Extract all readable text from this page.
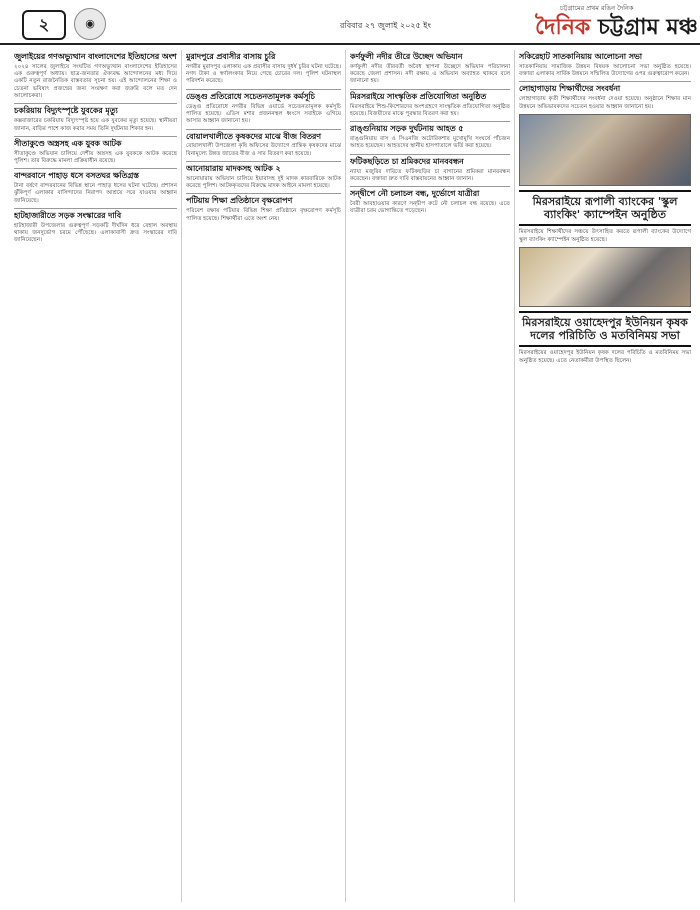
২	◉	রবিবার ২৭ জুলাই ২০২৫ ইং
চট্টগ্রামের প্রথম রঙিন দৈনিক
দৈনিক চট্টগ্রাম মঞ্চ
জুলাইয়ের গণঅভ্যুত্থান বাংলাদেশের ইতিহাসের অংশ

২০২৪ সালের জুলাইয়ে সংঘটিত গণঅভ্যুত্থান বাংলাদেশের ইতিহাসের এক গুরুত্বপূর্ণ অধ্যায়। ছাত্র-জনতার ঐক্যবদ্ধ আন্দোলনের মধ্য দিয়ে একটি নতুন রাজনৈতিক বাস্তবতার সূচনা হয়। এই আন্দোলনের শিক্ষা ও চেতনা ভবিষ্যৎ প্রজন্মের জন্য সংরক্ষণ করা জরুরি বলে মত দেন আলোচকরা।

চকরিয়ায় বিদ্যুৎস্পৃষ্টে যুবকের মৃত্যু

কক্সবাজারের চকরিয়ায় বিদ্যুৎস্পৃষ্ট হয়ে এক যুবকের মৃত্যু হয়েছে। স্থানীয়রা জানান, বাড়ির পাশে কাজ করার সময় তিনি দুর্ঘটনার শিকার হন।

সীতাকুণ্ডে অস্ত্রসহ এক যুবক আটক

সীতাকুণ্ডে অভিযান চালিয়ে দেশীয় অস্ত্রসহ এক যুবককে আটক করেছে পুলিশ। তার বিরুদ্ধে মামলা প্রক্রিয়াধীন রয়েছে।

বান্দরবানে পাহাড় ধসে বসতঘর ক্ষতিগ্রস্ত

টানা বর্ষণে বান্দরবানের বিভিন্ন স্থানে পাহাড় ধসের ঘটনা ঘটেছে। প্রশাসন ঝুঁকিপূর্ণ এলাকার বাসিন্দাদের নিরাপদ আশ্রয়ে সরে যাওয়ার আহ্বান জানিয়েছে।

হাটহাজারীতে সড়ক সংস্কারের দাবি

হাটহাজারী উপজেলার গুরুত্বপূর্ণ সড়কটি দীর্ঘদিন ধরে বেহাল অবস্থায় থাকায় জনদুর্ভোগ চরমে পৌঁছেছে। এলাকাবাসী দ্রুত সংস্কারের দাবি জানিয়েছেন।

মুরাদপুরে প্রবাসীর বাসায় চুরি

নগরীর মুরাদপুর এলাকায় এক প্রবাসীর বাসায় দুর্ধর্ষ চুরির ঘটনা ঘটেছে। নগদ টাকা ও স্বর্ণালংকার নিয়ে গেছে চোরের দল। পুলিশ ঘটনাস্থল পরিদর্শন করেছে।

ডেঙ্গু প্রতিরোধে সচেতনতামূলক কর্মসূচি

ডেঙ্গু প্রতিরোধে নগরীর বিভিন্ন ওয়ার্ডে সচেতনতামূলক কর্মসূচি পালিত হয়েছে। এডিস মশার প্রজননস্থল ধ্বংসে সবাইকে এগিয়ে আসার আহ্বান জানানো হয়।

বোয়ালখালীতে কৃষকদের মাঝে বীজ বিতরণ

বোয়ালখালী উপজেলা কৃষি অফিসের উদ্যোগে প্রান্তিক কৃষকদের মাঝে বিনামূল্যে উন্নত জাতের বীজ ও সার বিতরণ করা হয়েছে।

আনোয়ারায় মাদকসহ আটক ২

আনোয়ারায় অভিযান চালিয়ে ইয়াবাসহ দুই মাদক কারবারিকে আটক করেছে পুলিশ। আটককৃতদের বিরুদ্ধে মাদক আইনে মামলা হয়েছে।

পটিয়ায় শিক্ষা প্রতিষ্ঠানে বৃক্ষরোপণ

পরিবেশ রক্ষায় পটিয়ার বিভিন্ন শিক্ষা প্রতিষ্ঠানে বৃক্ষরোপণ কর্মসূচি পালিত হয়েছে। শিক্ষার্থীরা এতে অংশ নেয়।

কর্ণফুলী নদীর তীরে উচ্ছেদ অভিযান

কর্ণফুলী নদীর তীরবর্তী অবৈধ স্থাপনা উচ্ছেদে অভিযান পরিচালনা করেছে জেলা প্রশাসন। নদী রক্ষায় এ অভিযান অব্যাহত থাকবে বলে জানানো হয়।

মিরসরাইয়ে সাংস্কৃতিক প্রতিযোগিতা অনুষ্ঠিত

মিরসরাইয়ে শিশু-কিশোরদের অংশগ্রহণে সাংস্কৃতিক প্রতিযোগিতা অনুষ্ঠিত হয়েছে। বিজয়ীদের মাঝে পুরস্কার বিতরণ করা হয়।

রাঙ্গুনিয়ায় সড়ক দুর্ঘটনায় আহত ৫

রাঙ্গুনিয়ায় বাস ও সিএনজি অটোরিকশার মুখোমুখি সংঘর্ষে পাঁচজন আহত হয়েছেন। আহতদের স্থানীয় হাসপাতালে ভর্তি করা হয়েছে।

ফটিকছড়িতে চা শ্রমিকদের মানববন্ধন

ন্যায্য মজুরির দাবিতে ফটিকছড়ির চা বাগানের শ্রমিকরা মানববন্ধন করেছেন। বক্তারা দ্রুত দাবি বাস্তবায়নের আহ্বান জানান।

সন্দ্বীপে নৌ চলাচল বন্ধ, দুর্ভোগে যাত্রীরা

বৈরী আবহাওয়ার কারণে সন্দ্বীপ রুটে নৌ চলাচল বন্ধ রয়েছে। এতে যাত্রীরা চরম ভোগান্তিতে পড়েছেন।

সকিরেহাট সাতকানিয়ায় আলোচনা সভা

সাতকানিয়ায় সামাজিক উন্নয়ন বিষয়ক আলোচনা সভা অনুষ্ঠিত হয়েছে। বক্তারা এলাকার সার্বিক উন্নয়নে সম্মিলিত উদ্যোগের ওপর গুরুত্বারোপ করেন।

লোহাগাড়ায় শিক্ষার্থীদের সংবর্ধনা

লোহাগাড়ায় কৃতী শিক্ষার্থীদের সংবর্ধনা দেওয়া হয়েছে। অনুষ্ঠানে শিক্ষার মান উন্নয়নে অভিভাবকদের সচেতন হওয়ার আহ্বান জানানো হয়।

মিরসরাইয়ে রূপালী ব্যাংকের 'স্কুল ব্যাংকিং' ক্যাম্পেইন অনুষ্ঠিত

মিরসরাইয়ে শিক্ষার্থীদের সঞ্চয়ে উৎসাহিত করতে রূপালী ব্যাংকের উদ্যোগে স্কুল ব্যাংকিং ক্যাম্পেইন অনুষ্ঠিত হয়েছে।

মিরসরাইয়ে ওয়াহেদপুর ইউনিয়ন কৃষক দলের পরিচিতি ও মতবিনিময় সভা

মিরসরাইয়ের ওয়াহেদপুর ইউনিয়ন কৃষক দলের পরিচিতি ও মতবিনিময় সভা অনুষ্ঠিত হয়েছে। এতে নেতাকর্মীরা উপস্থিত ছিলেন।
